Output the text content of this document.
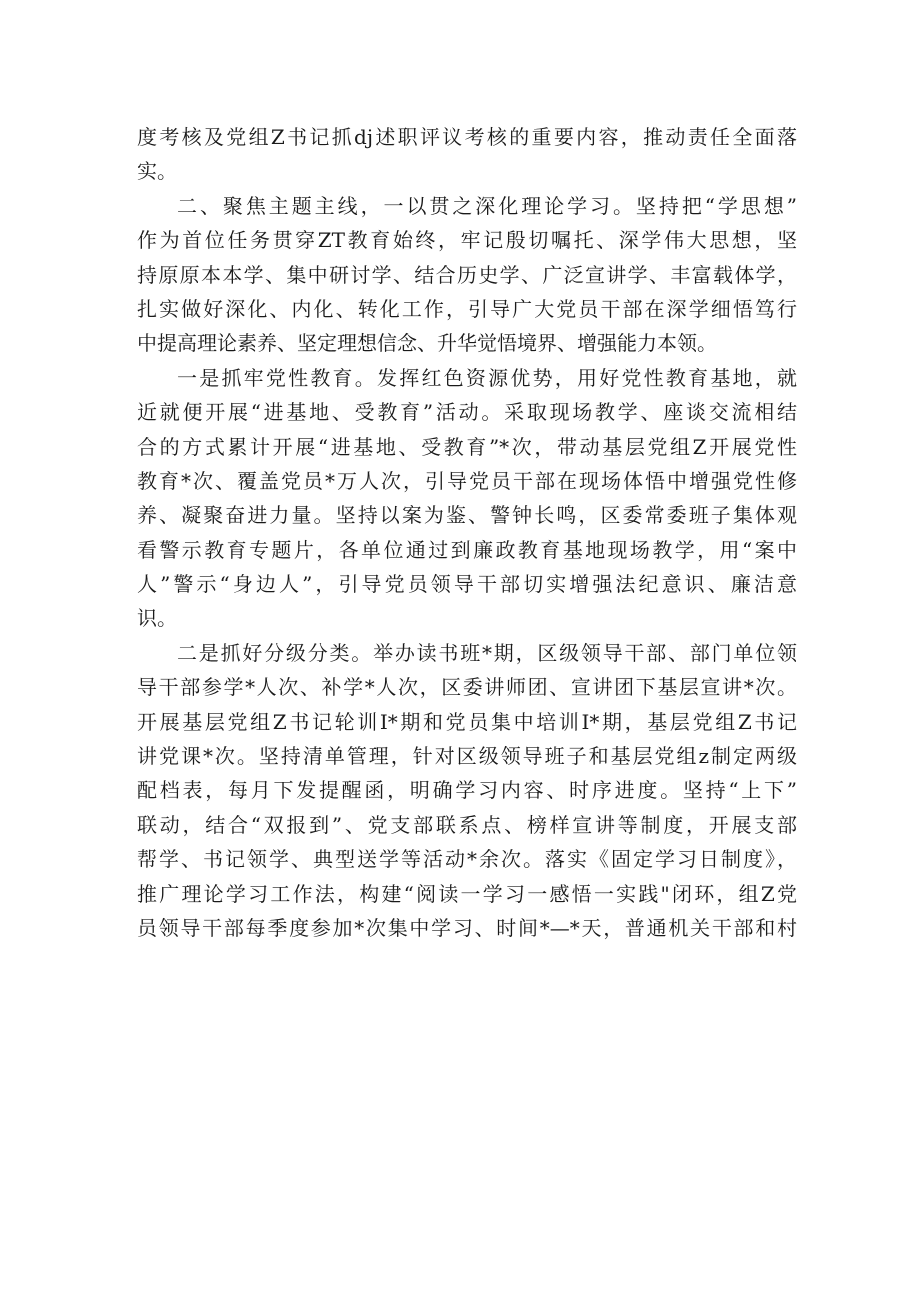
度考核及党组Z书记抓dj述职评议考核的重要内容，推动责任全面落
实。
二、聚焦主题主线，一以贯之深化理论学习。坚持把“学思想”
作为首位任务贯穿ZT教育始终，牢记殷切嘱托、深学伟大思想，坚
持原原本本学、集中研讨学、结合历史学、广泛宣讲学、丰富载体学，
扎实做好深化、内化、转化工作，引导广大党员干部在深学细悟笃行
中提高理论素养、坚定理想信念、升华觉悟境界、增强能力本领。
一是抓牢党性教育。发挥红色资源优势，用好党性教育基地，就
近就便开展“进基地、受教育”活动。采取现场教学、座谈交流相结
合的方式累计开展“进基地、受教育”*次，带动基层党组Z开展党性
教育*次、覆盖党员*万人次，引导党员干部在现场体悟中增强党性修
养、凝聚奋进力量。坚持以案为鉴、警钟长鸣，区委常委班子集体观
看警示教育专题片，各单位通过到廉政教育基地现场教学，用“案中
人”警示“身边人”，引导党员领导干部切实增强法纪意识、廉洁意
识。
二是抓好分级分类。举办读书班*期，区级领导干部、部门单位领
导干部参学*人次、补学*人次，区委讲师团、宣讲团下基层宣讲*次。
开展基层党组Z书记轮训I*期和党员集中培训I*期，基层党组Z书记
讲党课*次。坚持清单管理，针对区级领导班子和基层党组z制定两级
配档表，每月下发提醒函，明确学习内容、时序进度。坚持“上下”
联动，结合“双报到”、党支部联系点、榜样宣讲等制度，开展支部
帮学、书记领学、典型送学等活动*余次。落实《固定学习日制度》，
推广理论学习工作法，构建“阅读一学习一感悟一实践"闭环，组Z党
员领导干部每季度参加*次集中学习、时间*—*天，普通机关干部和村
